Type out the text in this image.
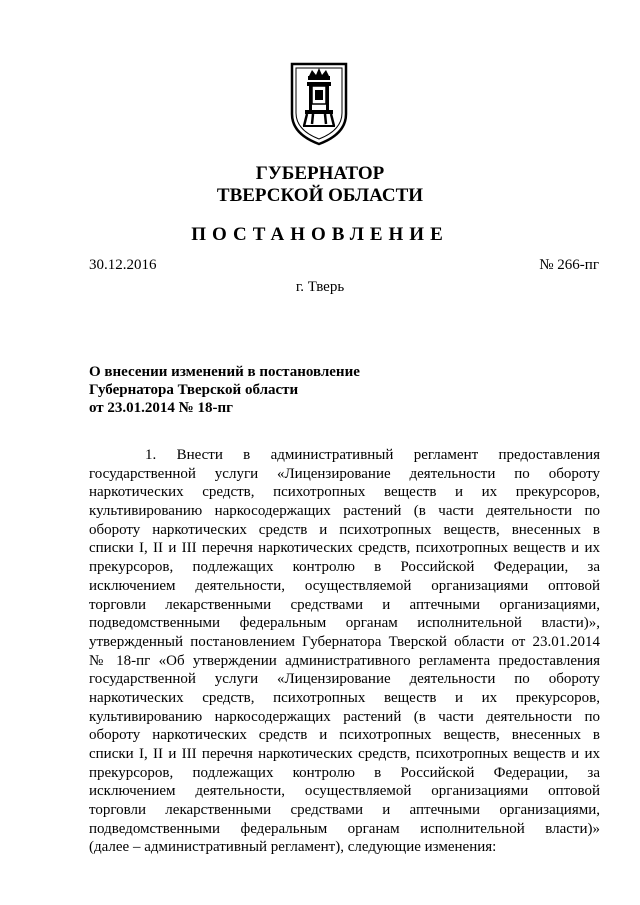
ГУБЕРНАТОР
ТВЕРСКОЙ ОБЛАСТИ
ПОСТАНОВЛЕНИЕ
30.12.2016	№ 266-пг
г. Тверь
О внесении изменений в постановление
Губернатора Тверской области
от 23.01.2014 № 18-пг
1. Внести в административный регламент предоставления
государственной услуги «Лицензирование деятельности по обороту
наркотических средств, психотропных веществ и их прекурсоров,
культивированию наркосодержащих растений (в части деятельности по
обороту наркотических средств и психотропных веществ, внесенных в
списки I, II и III перечня наркотических средств, психотропных веществ и их
прекурсоров, подлежащих контролю в Российской Федерации, за
исключением деятельности, осуществляемой организациями оптовой
торговли лекарственными средствами и аптечными организациями,
подведомственными федеральным органам исполнительной власти)»,
утвержденный постановлением Губернатора Тверской области от 23.01.2014
№ 18-пг «Об утверждении административного регламента предоставления
государственной услуги «Лицензирование деятельности по обороту
наркотических средств, психотропных веществ и их прекурсоров,
культивированию наркосодержащих растений (в части деятельности по
обороту наркотических средств и психотропных веществ, внесенных в
списки I, II и III перечня наркотических средств, психотропных веществ и их
прекурсоров, подлежащих контролю в Российской Федерации, за
исключением деятельности, осуществляемой организациями оптовой
торговли лекарственными средствами и аптечными организациями,
подведомственными федеральным органам исполнительной власти)»
(далее – административный регламент), следующие изменения:
